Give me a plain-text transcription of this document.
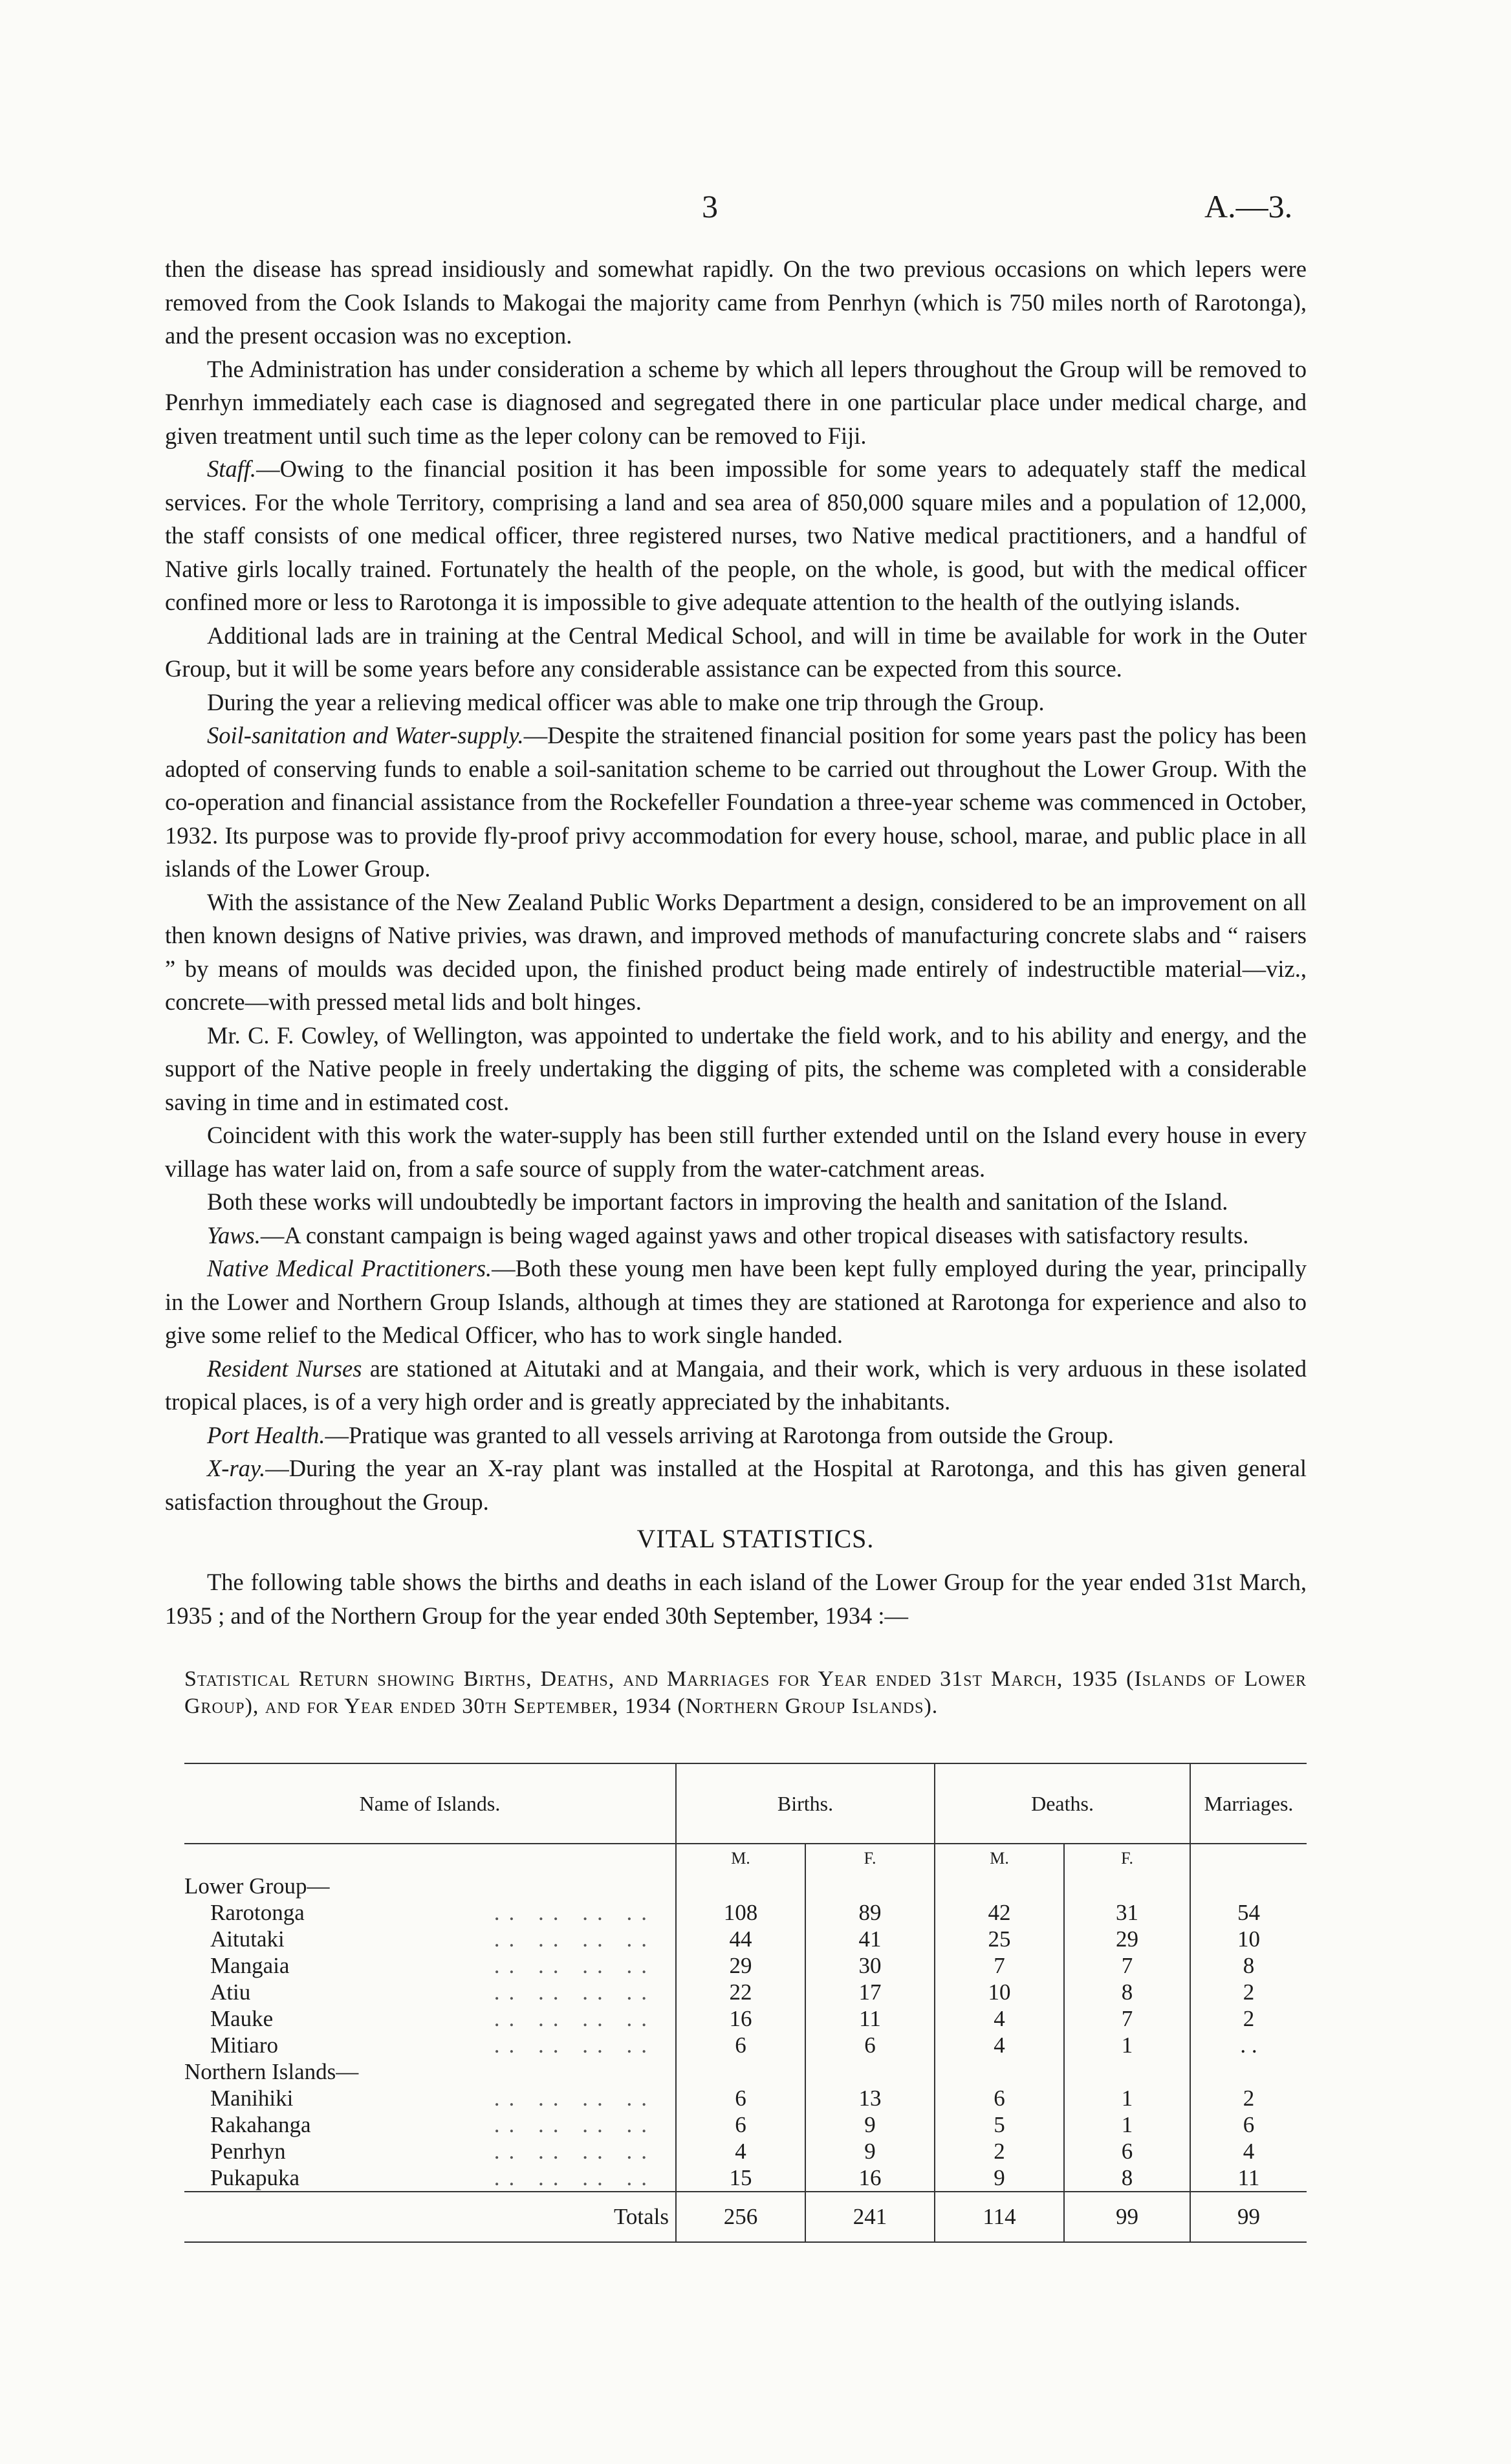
3	A.—3.

then the disease has spread insidiously and somewhat rapidly. On the two previous occasions on which lepers were removed from the Cook Islands to Makogai the majority came from Penrhyn (which is 750 miles north of Rarotonga), and the present occasion was no exception.

The Administration has under consideration a scheme by which all lepers throughout the Group will be removed to Penrhyn immediately each case is diagnosed and segregated there in one particular place under medical charge, and given treatment until such time as the leper colony can be removed to Fiji.

Staff.—Owing to the financial position it has been impossible for some years to adequately staff the medical services. For the whole Territory, comprising a land and sea area of 850,000 square miles and a population of 12,000, the staff consists of one medical officer, three registered nurses, two Native medical practitioners, and a handful of Native girls locally trained. Fortunately the health of the people, on the whole, is good, but with the medical officer confined more or less to Rarotonga it is impossible to give adequate attention to the health of the outlying islands.

Additional lads are in training at the Central Medical School, and will in time be available for work in the Outer Group, but it will be some years before any considerable assistance can be expected from this source.

During the year a relieving medical officer was able to make one trip through the Group.

Soil-sanitation and Water-supply.—Despite the straitened financial position for some years past the policy has been adopted of conserving funds to enable a soil-sanitation scheme to be carried out throughout the Lower Group. With the co-operation and financial assistance from the Rockefeller Foundation a three-year scheme was commenced in October, 1932. Its purpose was to provide fly-proof privy accommodation for every house, school, marae, and public place in all islands of the Lower Group.

With the assistance of the New Zealand Public Works Department a design, considered to be an improvement on all then known designs of Native privies, was drawn, and improved methods of manufacturing concrete slabs and “ raisers ” by means of moulds was decided upon, the finished product being made entirely of indestructible material—viz., concrete—with pressed metal lids and bolt hinges.

Mr. C. F. Cowley, of Wellington, was appointed to undertake the field work, and to his ability and energy, and the support of the Native people in freely undertaking the digging of pits, the scheme was completed with a considerable saving in time and in estimated cost.

Coincident with this work the water-supply has been still further extended until on the Island every house in every village has water laid on, from a safe source of supply from the water-catchment areas.

Both these works will undoubtedly be important factors in improving the health and sanitation of the Island.

Yaws.—A constant campaign is being waged against yaws and other tropical diseases with satisfactory results.

Native Medical Practitioners.—Both these young men have been kept fully employed during the year, principally in the Lower and Northern Group Islands, although at times they are stationed at Rarotonga for experience and also to give some relief to the Medical Officer, who has to work single handed.

Resident Nurses are stationed at Aitutaki and at Mangaia, and their work, which is very arduous in these isolated tropical places, is of a very high order and is greatly appreciated by the inhabitants.

Port Health.—Pratique was granted to all vessels arriving at Rarotonga from outside the Group.

X-ray.—During the year an X-ray plant was installed at the Hospital at Rarotonga, and this has given general satisfaction throughout the Group.

VITAL STATISTICS.
The following table shows the births and deaths in each island of the Lower Group for the year ended 31st March, 1935 ; and of the Northern Group for the year ended 30th September, 1934 :—
Statistical Return showing Births, Deaths, and Marriages for Year ended 31st March, 1935 (Islands of Lower Group), and for Year ended 30th September, 1934 (Northern Group Islands).
Name of Islands.	Births.		Deaths.		Marriages.
	M.	F.	M.	F.	
Lower Group—					

Rarotonga .. .. .. ..	108	89	42	31	54

Aitutaki .. .. .. ..	44	41	25	29	10

Mangaia .. .. .. ..	29	30	7	7	8

Atiu .. .. .. ..	22	17	10	8	2

Mauke .. .. .. ..	16	11	4	7	2

Mitiaro .. .. .. ..	6	6	4	1	. .
Northern Islands—					

Manihiki .. .. .. ..	6	13	6	1	2

Rakahanga .. .. .. ..	6	9	5	1	6

Penrhyn .. .. .. ..	4	9	2	6	4

Pukapuka .. .. .. ..	15	16	9	8	11
Totals	256	241	114	99	99
